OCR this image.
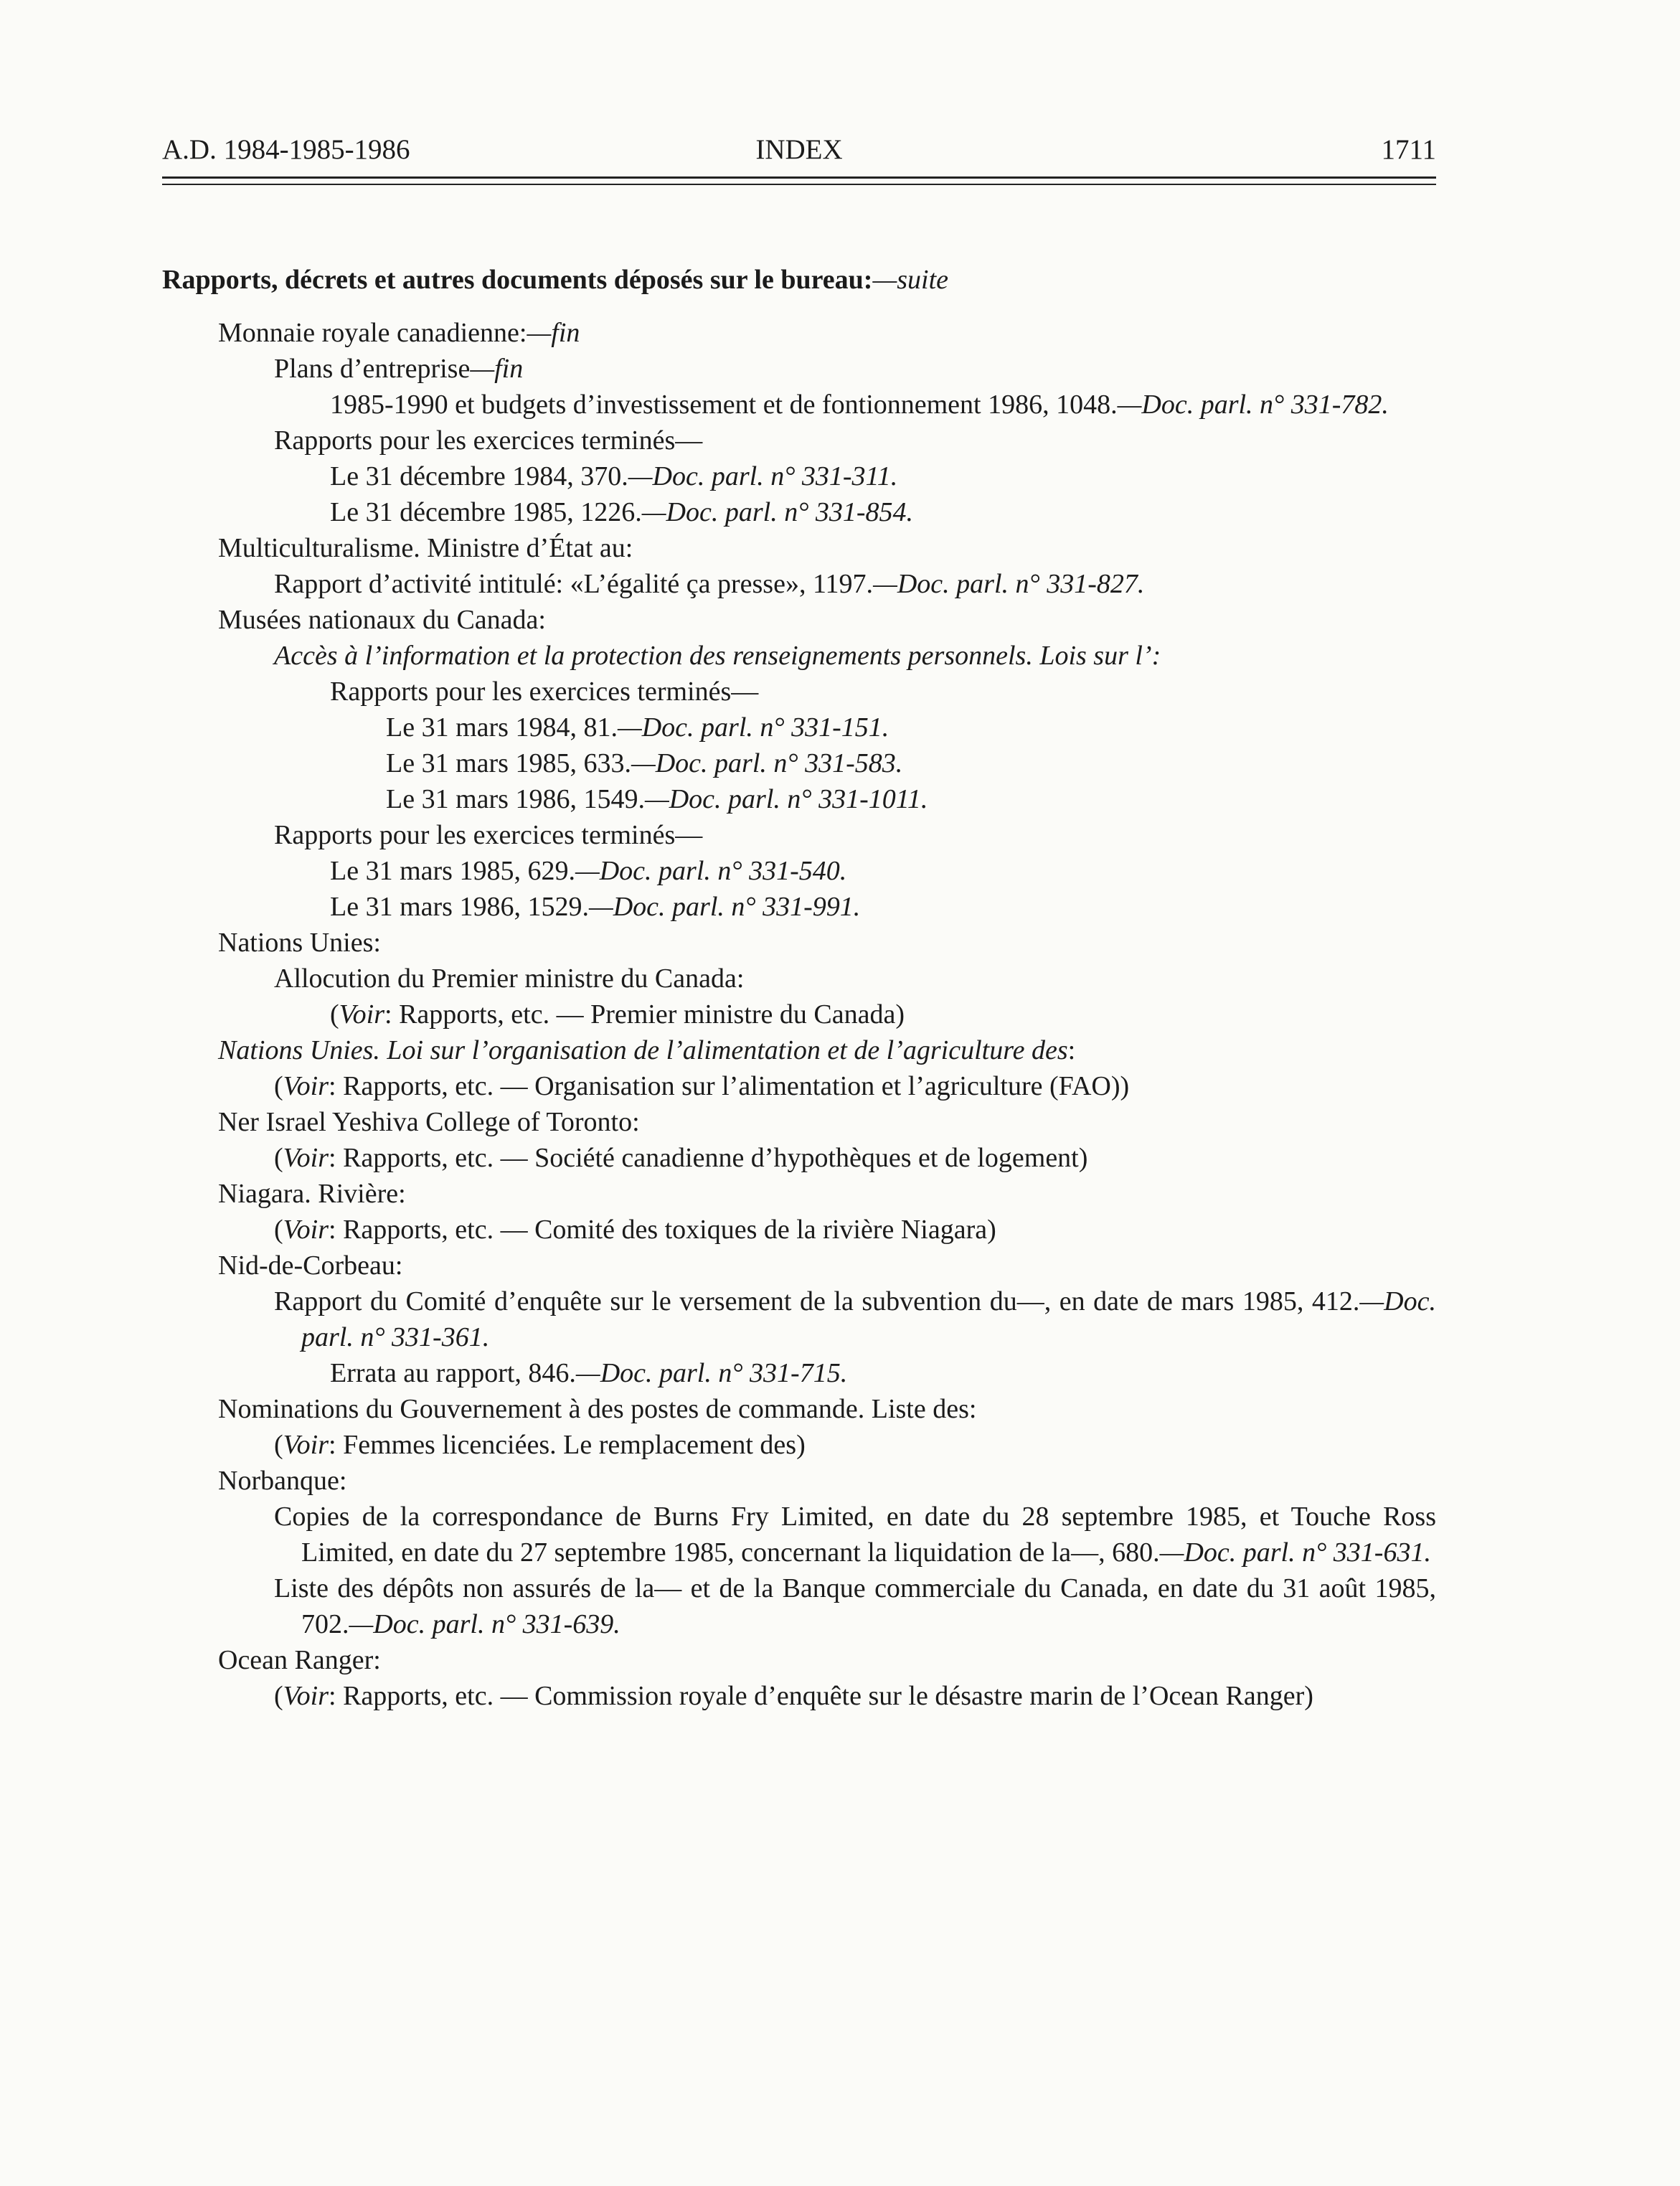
A.D. 1984-1985-1986	INDEX	1711
Rapports, décrets et autres documents déposés sur le bureau:—suite
Monnaie royale canadienne:—fin
Plans d’entreprise—fin
1985-1990 et budgets d’investissement et de fontionnement 1986, 1048.—Doc. parl. n° 331-782.
Rapports pour les exercices terminés—
Le 31 décembre 1984, 370.—Doc. parl. n° 331-311.
Le 31 décembre 1985, 1226.—Doc. parl. n° 331-854.
Multiculturalisme. Ministre d’État au:
Rapport d’activité intitulé: «L’égalité ça presse», 1197.—Doc. parl. n° 331-827.
Musées nationaux du Canada:
Accès à l’information et la protection des renseignements personnels. Lois sur l’:
Rapports pour les exercices terminés—
Le 31 mars 1984, 81.—Doc. parl. n° 331-151.
Le 31 mars 1985, 633.—Doc. parl. n° 331-583.
Le 31 mars 1986, 1549.—Doc. parl. n° 331-1011.
Rapports pour les exercices terminés—
Le 31 mars 1985, 629.—Doc. parl. n° 331-540.
Le 31 mars 1986, 1529.—Doc. parl. n° 331-991.
Nations Unies:
Allocution du Premier ministre du Canada:
(Voir: Rapports, etc. — Premier ministre du Canada)
Nations Unies. Loi sur l’organisation de l’alimentation et de l’agriculture des:
(Voir: Rapports, etc. — Organisation sur l’alimentation et l’agriculture (FAO))
Ner Israel Yeshiva College of Toronto:
(Voir: Rapports, etc. — Société canadienne d’hypothèques et de logement)
Niagara. Rivière:
(Voir: Rapports, etc. — Comité des toxiques de la rivière Niagara)
Nid-de-Corbeau:
Rapport du Comité d’enquête sur le versement de la subvention du—, en date de mars 1985, 412.—Doc. parl. n° 331-361.
Errata au rapport, 846.—Doc. parl. n° 331-715.
Nominations du Gouvernement à des postes de commande. Liste des:
(Voir: Femmes licenciées. Le remplacement des)
Norbanque:
Copies de la correspondance de Burns Fry Limited, en date du 28 septembre 1985, et Touche Ross Limited, en date du 27 septembre 1985, concernant la liquidation de la—, 680.—Doc. parl. n° 331-631.
Liste des dépôts non assurés de la— et de la Banque commerciale du Canada, en date du 31 août 1985, 702.—Doc. parl. n° 331-639.
Ocean Ranger:
(Voir: Rapports, etc. — Commission royale d’enquête sur le désastre marin de l’Ocean Ranger)
